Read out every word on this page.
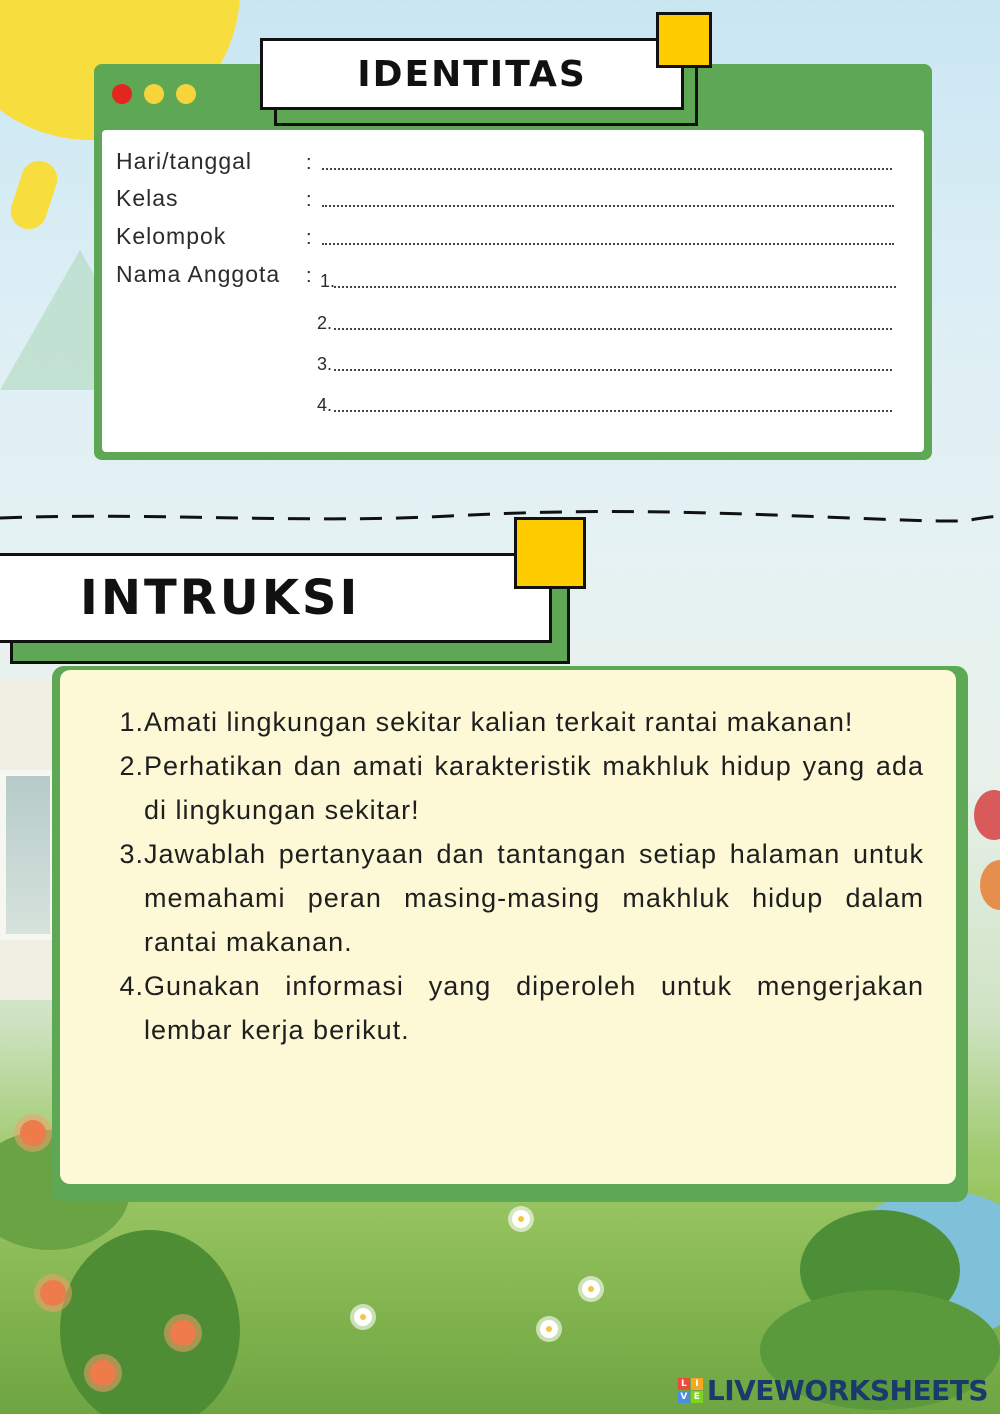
IDENTITAS
Hari/tanggal	:
Kelas	:
Kelompok	:
Nama Anggota : 1.
2.
3.
4.
INTRUKSI
1. Amati lingkungan sekitar kalian terkait rantai makanan!
2. Perhatikan dan amati karakteristik makhluk hidup yang ada di lingkungan sekitar!
3. Jawablah pertanyaan dan tantangan setiap halaman untuk memahami peran masing-masing makhluk hidup dalam rantai makanan.
4. Gunakan informasi yang diperoleh untuk mengerjakan lembar kerja berikut.
L I
V E LIVEWORKSHEETS
